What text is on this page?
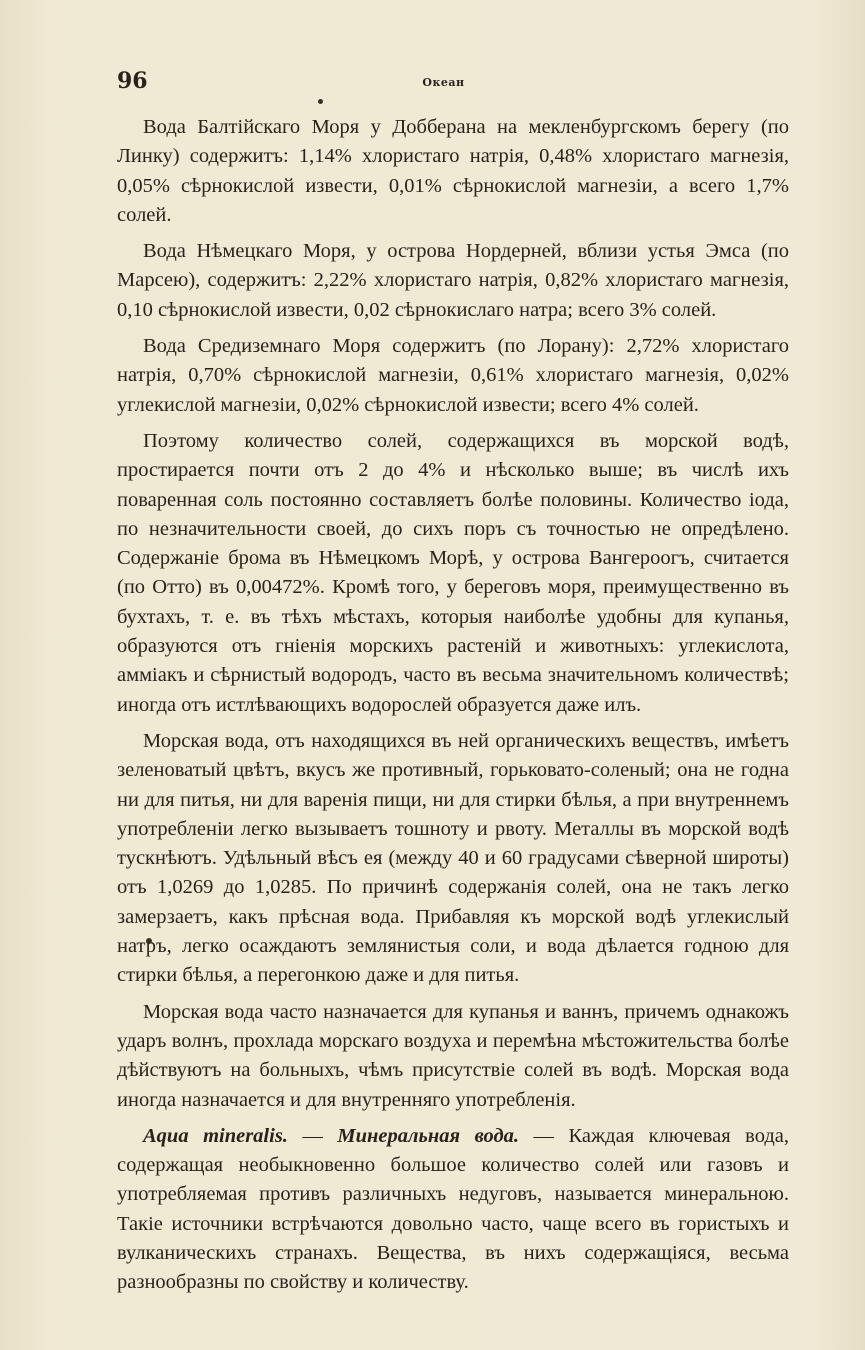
96	Океан

Вода Балтійскаго Моря у Добберана на мекленбургскомъ берегу (по Линку) содержитъ: 1,14% хлористаго натрія, 0,48% хлористаго магнезія, 0,05% сѣрнокислой извести, 0,01% сѣрнокислой магнезіи, а всего 1,7% солей.

Вода Нѣмецкаго Моря, у острова Нордерней, вблизи устья Эмса (по Марсею), содержитъ: 2,22% хлористаго натрія, 0,82% хлористаго магнезія, 0,10 сѣрнокислой извести, 0,02 сѣрнокислаго натра; всего 3% солей.

Вода Средиземнаго Моря содержитъ (по Лорану): 2,72% хлористаго натрія, 0,70% сѣрнокислой магнезіи, 0,61% хлористаго магнезія, 0,02% углекислой магнезіи, 0,02% сѣрнокислой извести; всего 4% солей.

Поэтому количество солей, содержащихся въ морской водѣ, простирается почти отъ 2 до 4% и нѣсколько выше; въ числѣ ихъ поваренная соль постоянно составляетъ болѣе половины. Количество іода, по незначительности своей, до сихъ поръ съ точностью не опредѣлено. Содержаніе брома въ Нѣмецкомъ Морѣ, у острова Вангероогъ, считается (по Отто) въ 0,00472%. Кромѣ того, у береговъ моря, преимущественно въ бухтахъ, т. е. въ тѣхъ мѣстахъ, которыя наиболѣе удобны для купанья, образуются отъ гніенія морскихъ растеній и животныхъ: углекислота, амміакъ и сѣрнистый водородъ, часто въ весьма значительномъ количествѣ; иногда отъ истлѣвающихъ водорослей образуется даже илъ.

Морская вода, отъ находящихся въ ней органическихъ веществъ, имѣетъ зеленоватый цвѣтъ, вкусъ же противный, горьковато-соленый; она не годна ни для питья, ни для варенія пищи, ни для стирки бѣлья, а при внутреннемъ употребленіи легко вызываетъ тошноту и рвоту. Металлы въ морской водѣ тускнѣютъ. Удѣльный вѣсъ ея (между 40 и 60 градусами сѣверной широты) отъ 1,0269 до 1,0285. По причинѣ содержанія солей, она не такъ легко замерзаетъ, какъ прѣсная вода. Прибавляя къ морской водѣ углекислый натръ, легко осаждаютъ землянистыя соли, и вода дѣлается годною для стирки бѣлья, а перегонкою даже и для питья.

Морская вода часто назначается для купанья и ваннъ, причемъ однакожъ ударъ волнъ, прохлада морскаго воздуха и перемѣна мѣстожительства болѣе дѣйствуютъ на больныхъ, чѣмъ присутствіе солей въ водѣ. Морская вода иногда назначается и для внутренняго употребленія.

Aqua mineralis. — Минеральная вода. — Каждая ключевая вода, содержащая необыкновенно большое количество солей или газовъ и употребляемая противъ различныхъ недуговъ, называется минеральною. Такіе источники встрѣчаются довольно часто, чаще всего въ гористыхъ и вулканическихъ странахъ. Вещества, въ нихъ содержащіяся, весьма разнообразны по свойству и количеству.
